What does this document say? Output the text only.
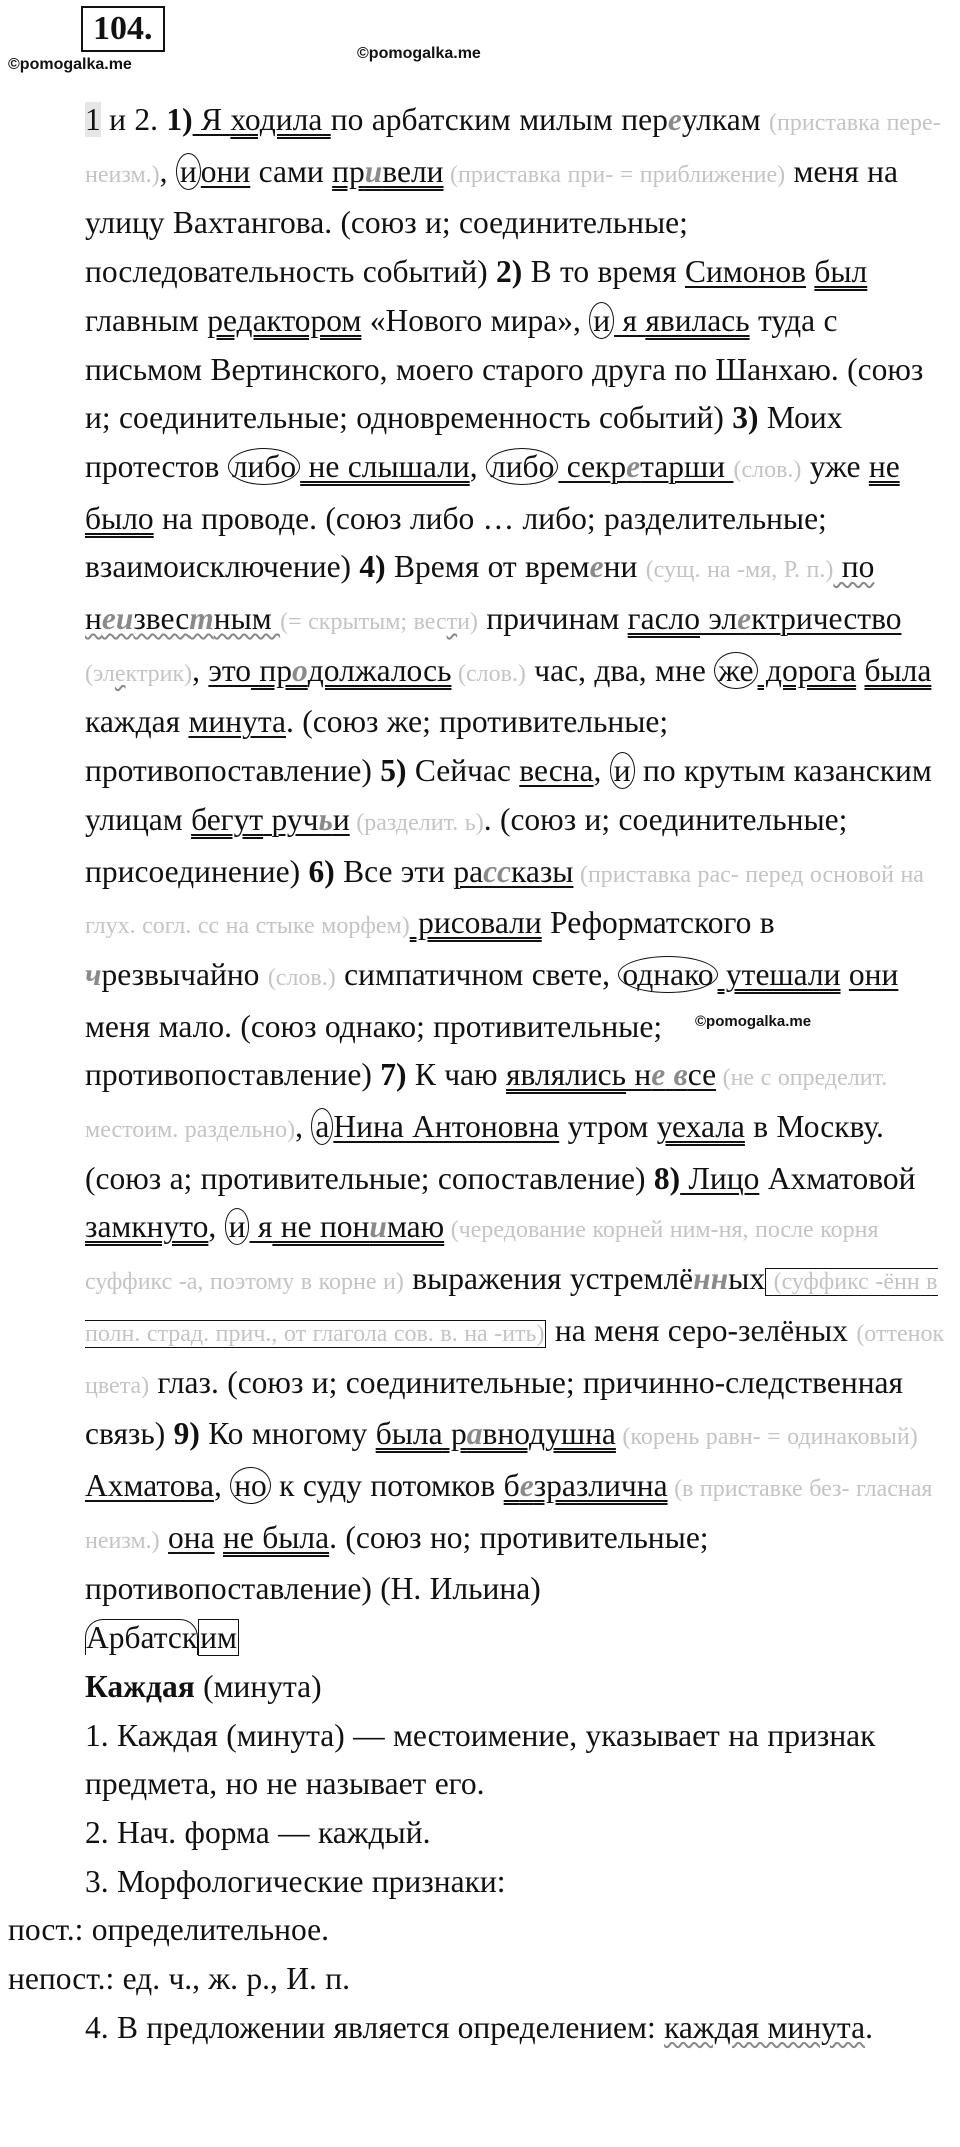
104.
©pomogalka.me
©pomogalka.me
©pomogalka.me

1 и 2. 1) Я ходила по арбатским милым переулкам (приставка пере- неизм.), и они сами привели (приставка при- = приближение) меня на улицу Вахтангова. (союз и; соединительные; последовательность событий) 2) В то время Симонов был главным редактором «Нового мира», и я явилась туда с письмом Вертинского, моего старого друга по Шанхаю. (союз и; соединительные; одновременность событий) 3) Моих протестов либо не слышали, либо секретарши (слов.) уже не было на проводе. (союз либо … либо; разделительные; взаимоисключение) 4) Время от времени (сущ. на -мя, Р. п.) по неизвестным (= скрытым; вести) причинам гасло электричество (электрик), это продолжалось (слов.) час, два, мне же дорога была каждая минута. (союз же; противительные; противопоставление) 5) Сейчас весна, и по крутым казанским улицам бегут ручьи (разделит. ь). (союз и; соединительные; присоединение) 6) Все эти рассказы (приставка рас- перед основой на глух. согл. сс на стыке морфем) рисовали Реформатского в чрезвычайно (слов.) симпатичном свете, однако утешали они меня мало. (союз однако; противительные; противопоставление) 7) К чаю являлись не все (не с определит. местоим. раздельно), а Нина Антоновна утром уехала в Москву. (союз а; противительные; сопоставление) 8) Лицо Ахматовой замкнуто, и я не понимаю (чередование корней ним-ня, после корня суффикс -а, поэтому в корне и) выражения устремлённых (суффикс -ённ в полн. страд. прич., от глагола сов. в. на -ить) на меня серо-зелёных (оттенок цвета) глаз. (союз и; соединительные; причинно-следственная связь) 9) Ко многому была равнодушна (корень равн- = одинаковый) Ахматова, но к суду потомков безразлична (в приставке без- гласная неизм.) она не была. (союз но; противительные; противопоставление) (Н. Ильина)

Арбатским

Каждая (минута)

1. Каждая (минута) — местоимение, указывает на признак предмета, но не называет его.

2. Нач. форма — каждый.

3. Морфологические признаки:

пост.: определительное.

непост.: ед. ч., ж. р., И. п.

4. В предложении является определением: каждая минута.
